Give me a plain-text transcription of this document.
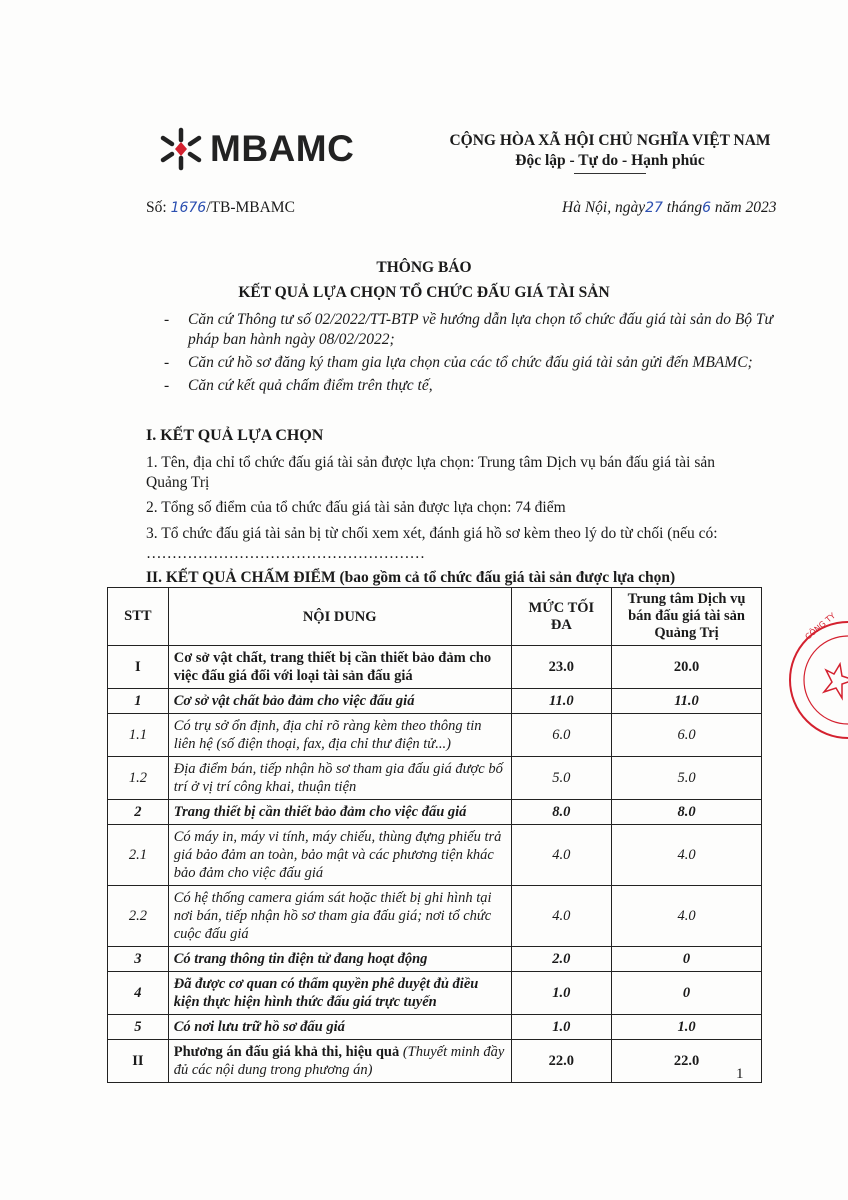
MBAMC	CỘNG HÒA XÃ HỘI CHỦ NGHĨA VIỆT NAM
Độc lập - Tự do - Hạnh phúc
Số: 1676/TB-MBAMC	Hà Nội, ngày27 tháng6 năm 2023
THÔNG BÁO
KẾT QUẢ LỰA CHỌN TỔ CHỨC ĐẤU GIÁ TÀI SẢN
-	Căn cứ Thông tư số 02/2022/TT-BTP về hướng dẫn lựa chọn tổ chức đấu giá tài sản do Bộ Tư pháp ban hành ngày 08/02/2022;
-	Căn cứ hồ sơ đăng ký tham gia lựa chọn của các tổ chức đấu giá tài sản gửi đến MBAMC;
-	Căn cứ kết quả chấm điểm trên thực tế,
I. KẾT QUẢ LỰA CHỌN
1. Tên, địa chỉ tổ chức đấu giá tài sản được lựa chọn: Trung tâm Dịch vụ bán đấu giá tài sản Quảng Trị
2. Tổng số điểm của tổ chức đấu giá tài sản được lựa chọn: 74 điểm
3. Tổ chức đấu giá tài sản bị từ chối xem xét, đánh giá hồ sơ kèm theo lý do từ chối (nếu có: ………………………………………………
II. KẾT QUẢ CHẤM ĐIỂM (bao gồm cả tổ chức đấu giá tài sản được lựa chọn)
STT	NỘI DUNG	MỨC TỐI ĐA	Trung tâm Dịch vụ bán đấu giá tài sản Quảng Trị
I	Cơ sở vật chất, trang thiết bị cần thiết bảo đảm cho việc đấu giá đối với loại tài sản đấu giá	23.0	20.0
1	Cơ sở vật chất bảo đảm cho việc đấu giá	11.0	11.0
1.1	Có trụ sở ổn định, địa chỉ rõ ràng kèm theo thông tin liên hệ (số điện thoại, fax, địa chỉ thư điện tử...)	6.0	6.0
1.2	Địa điểm bán, tiếp nhận hồ sơ tham gia đấu giá được bố trí ở vị trí công khai, thuận tiện	5.0	5.0
2	Trang thiết bị cần thiết bảo đảm cho việc đấu giá	8.0	8.0
2.1	Có máy in, máy vi tính, máy chiếu, thùng đựng phiếu trả giá bảo đảm an toàn, bảo mật và các phương tiện khác bảo đảm cho việc đấu giá	4.0	4.0
2.2	Có hệ thống camera giám sát hoặc thiết bị ghi hình tại nơi bán, tiếp nhận hồ sơ tham gia đấu giá; nơi tổ chức cuộc đấu giá	4.0	4.0
3	Có trang thông tin điện tử đang hoạt động	2.0	0
4	Đã được cơ quan có thẩm quyền phê duyệt đủ điều kiện thực hiện hình thức đấu giá trực tuyến	1.0	0
5	Có nơi lưu trữ hồ sơ đấu giá	1.0	1.0
II	Phương án đấu giá khả thi, hiệu quả (Thuyết minh đầy đủ các nội dung trong phương án)	22.0	22.0
1
CÔNG TY
